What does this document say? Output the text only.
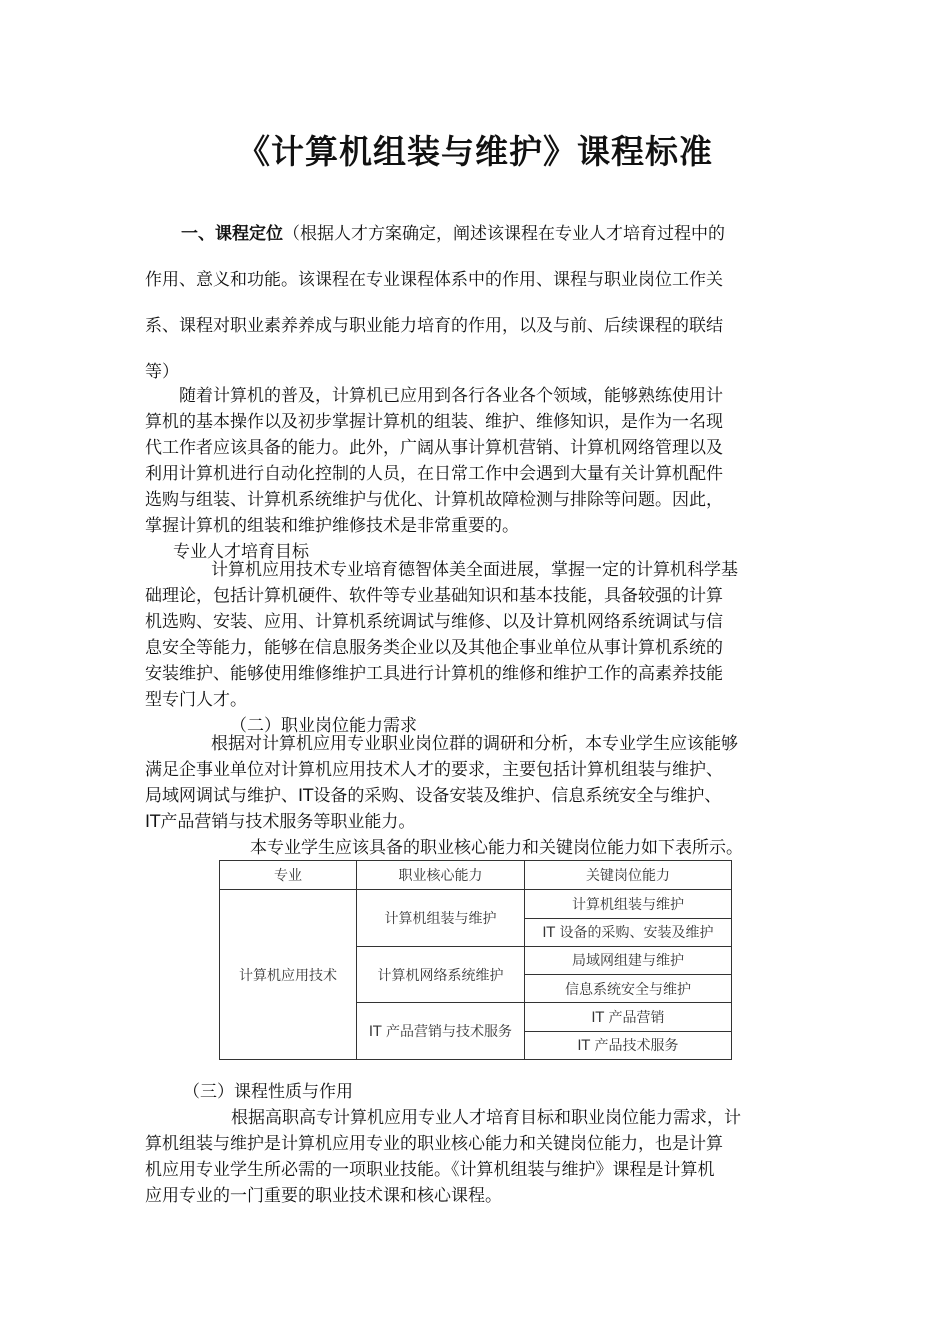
《计算机组装与维护》课程标准
一、课程定位（根据人才方案确定，阐述该课程在专业人才培育过程中的
作用、意义和功能。该课程在专业课程体系中的作用、课程与职业岗位工作关
系、课程对职业素养养成与职业能力培育的作用，以及与前、后续课程的联结
等）
随着计算机的普及，计算机已应用到各行各业各个领域，能够熟练使用计
算机的基本操作以及初步掌握计算机的组装、维护、维修知识，是作为一名现
代工作者应该具备的能力。此外，广阔从事计算机营销、计算机网络管理以及
利用计算机进行自动化控制的人员，在日常工作中会遇到大量有关计算机配件
选购与组装、计算机系统维护与优化、计算机故障检测与排除等问题。因此，
掌握计算机的组装和维护维修技术是非常重要的。
专业人才培育目标
计算机应用技术专业培育德智体美全面进展，掌握一定的计算机科学基
础理论，包括计算机硬件、软件等专业基础知识和基本技能，具备较强的计算
机选购、安装、应用、计算机系统调试与维修、以及计算机网络系统调试与信
息安全等能力，能够在信息服务类企业以及其他企事业单位从事计算机系统的
安装维护、能够使用维修维护工具进行计算机的维修和维护工作的高素养技能
型专门人才。
（二）职业岗位能力需求
根据对计算机应用专业职业岗位群的调研和分析，本专业学生应该能够
满足企事业单位对计算机应用技术人才的要求，主要包括计算机组装与维护、
局域网调试与维护、IT设备的采购、设备安装及维护、信息系统安全与维护、
IT产品营销与技术服务等职业能力。
本专业学生应该具备的职业核心能力和关键岗位能力如下表所示。
专业	职业核心能力	关键岗位能力
计算机应用技术	计算机组装与维护	计算机组装与维护
		IT 设备的采购、安装及维护
	计算机网络系统维护	局域网组建与维护
		信息系统安全与维护
	IT 产品营销与技术服务	IT 产品营销
		IT 产品技术服务
（三）课程性质与作用
根据高职高专计算机应用专业人才培育目标和职业岗位能力需求，计
算机组装与维护是计算机应用专业的职业核心能力和关键岗位能力，也是计算
机应用专业学生所必需的一项职业技能。《计算机组装与维护》课程是计算机
应用专业的一门重要的职业技术课和核心课程。
